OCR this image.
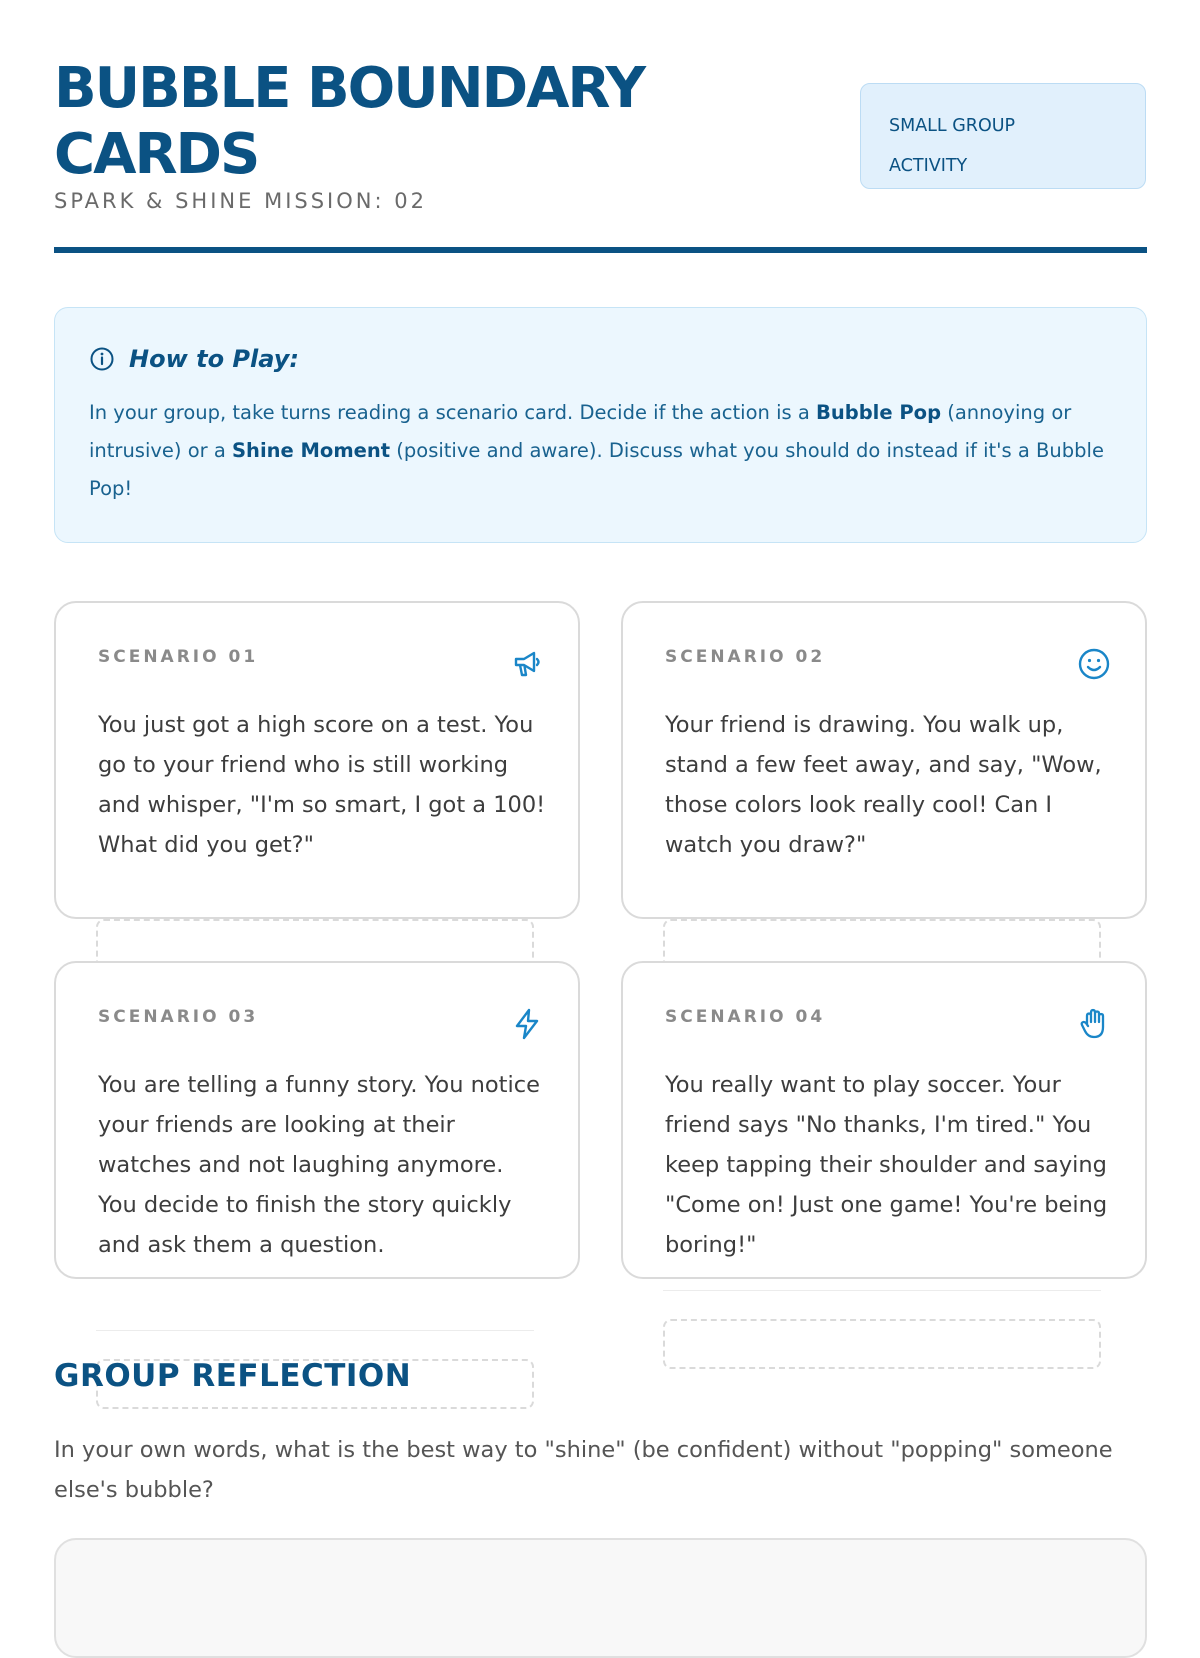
BUBBLE BOUNDARY
CARDS
SPARK & SHINE MISSION: 02
SMALL GROUP
ACTIVITY
How to Play:
In your group, take turns reading a scenario card. Decide if the action is a Bubble Pop (annoying or intrusive) or a Shine Moment (positive and aware). Discuss what you should do instead if it's a Bubble Pop!
SCENARIO 01
You just got a high score on a test. You go to your friend who is still working and whisper, "I'm so smart, I got a 100! What did you get?"
SCENARIO 02
Your friend is drawing. You walk up, stand a few feet away, and say, "Wow, those colors look really cool! Can I watch you draw?"
SCENARIO 03
You are telling a funny story. You notice your friends are looking at their watches and not laughing anymore. You decide to finish the story quickly and ask them a question.
SCENARIO 04
You really want to play soccer. Your friend says "No thanks, I'm tired." You keep tapping their shoulder and saying "Come on! Just one game! You're being boring!"
GROUP REFLECTION
In your own words, what is the best way to "shine" (be confident) without "popping" someone else's bubble?
